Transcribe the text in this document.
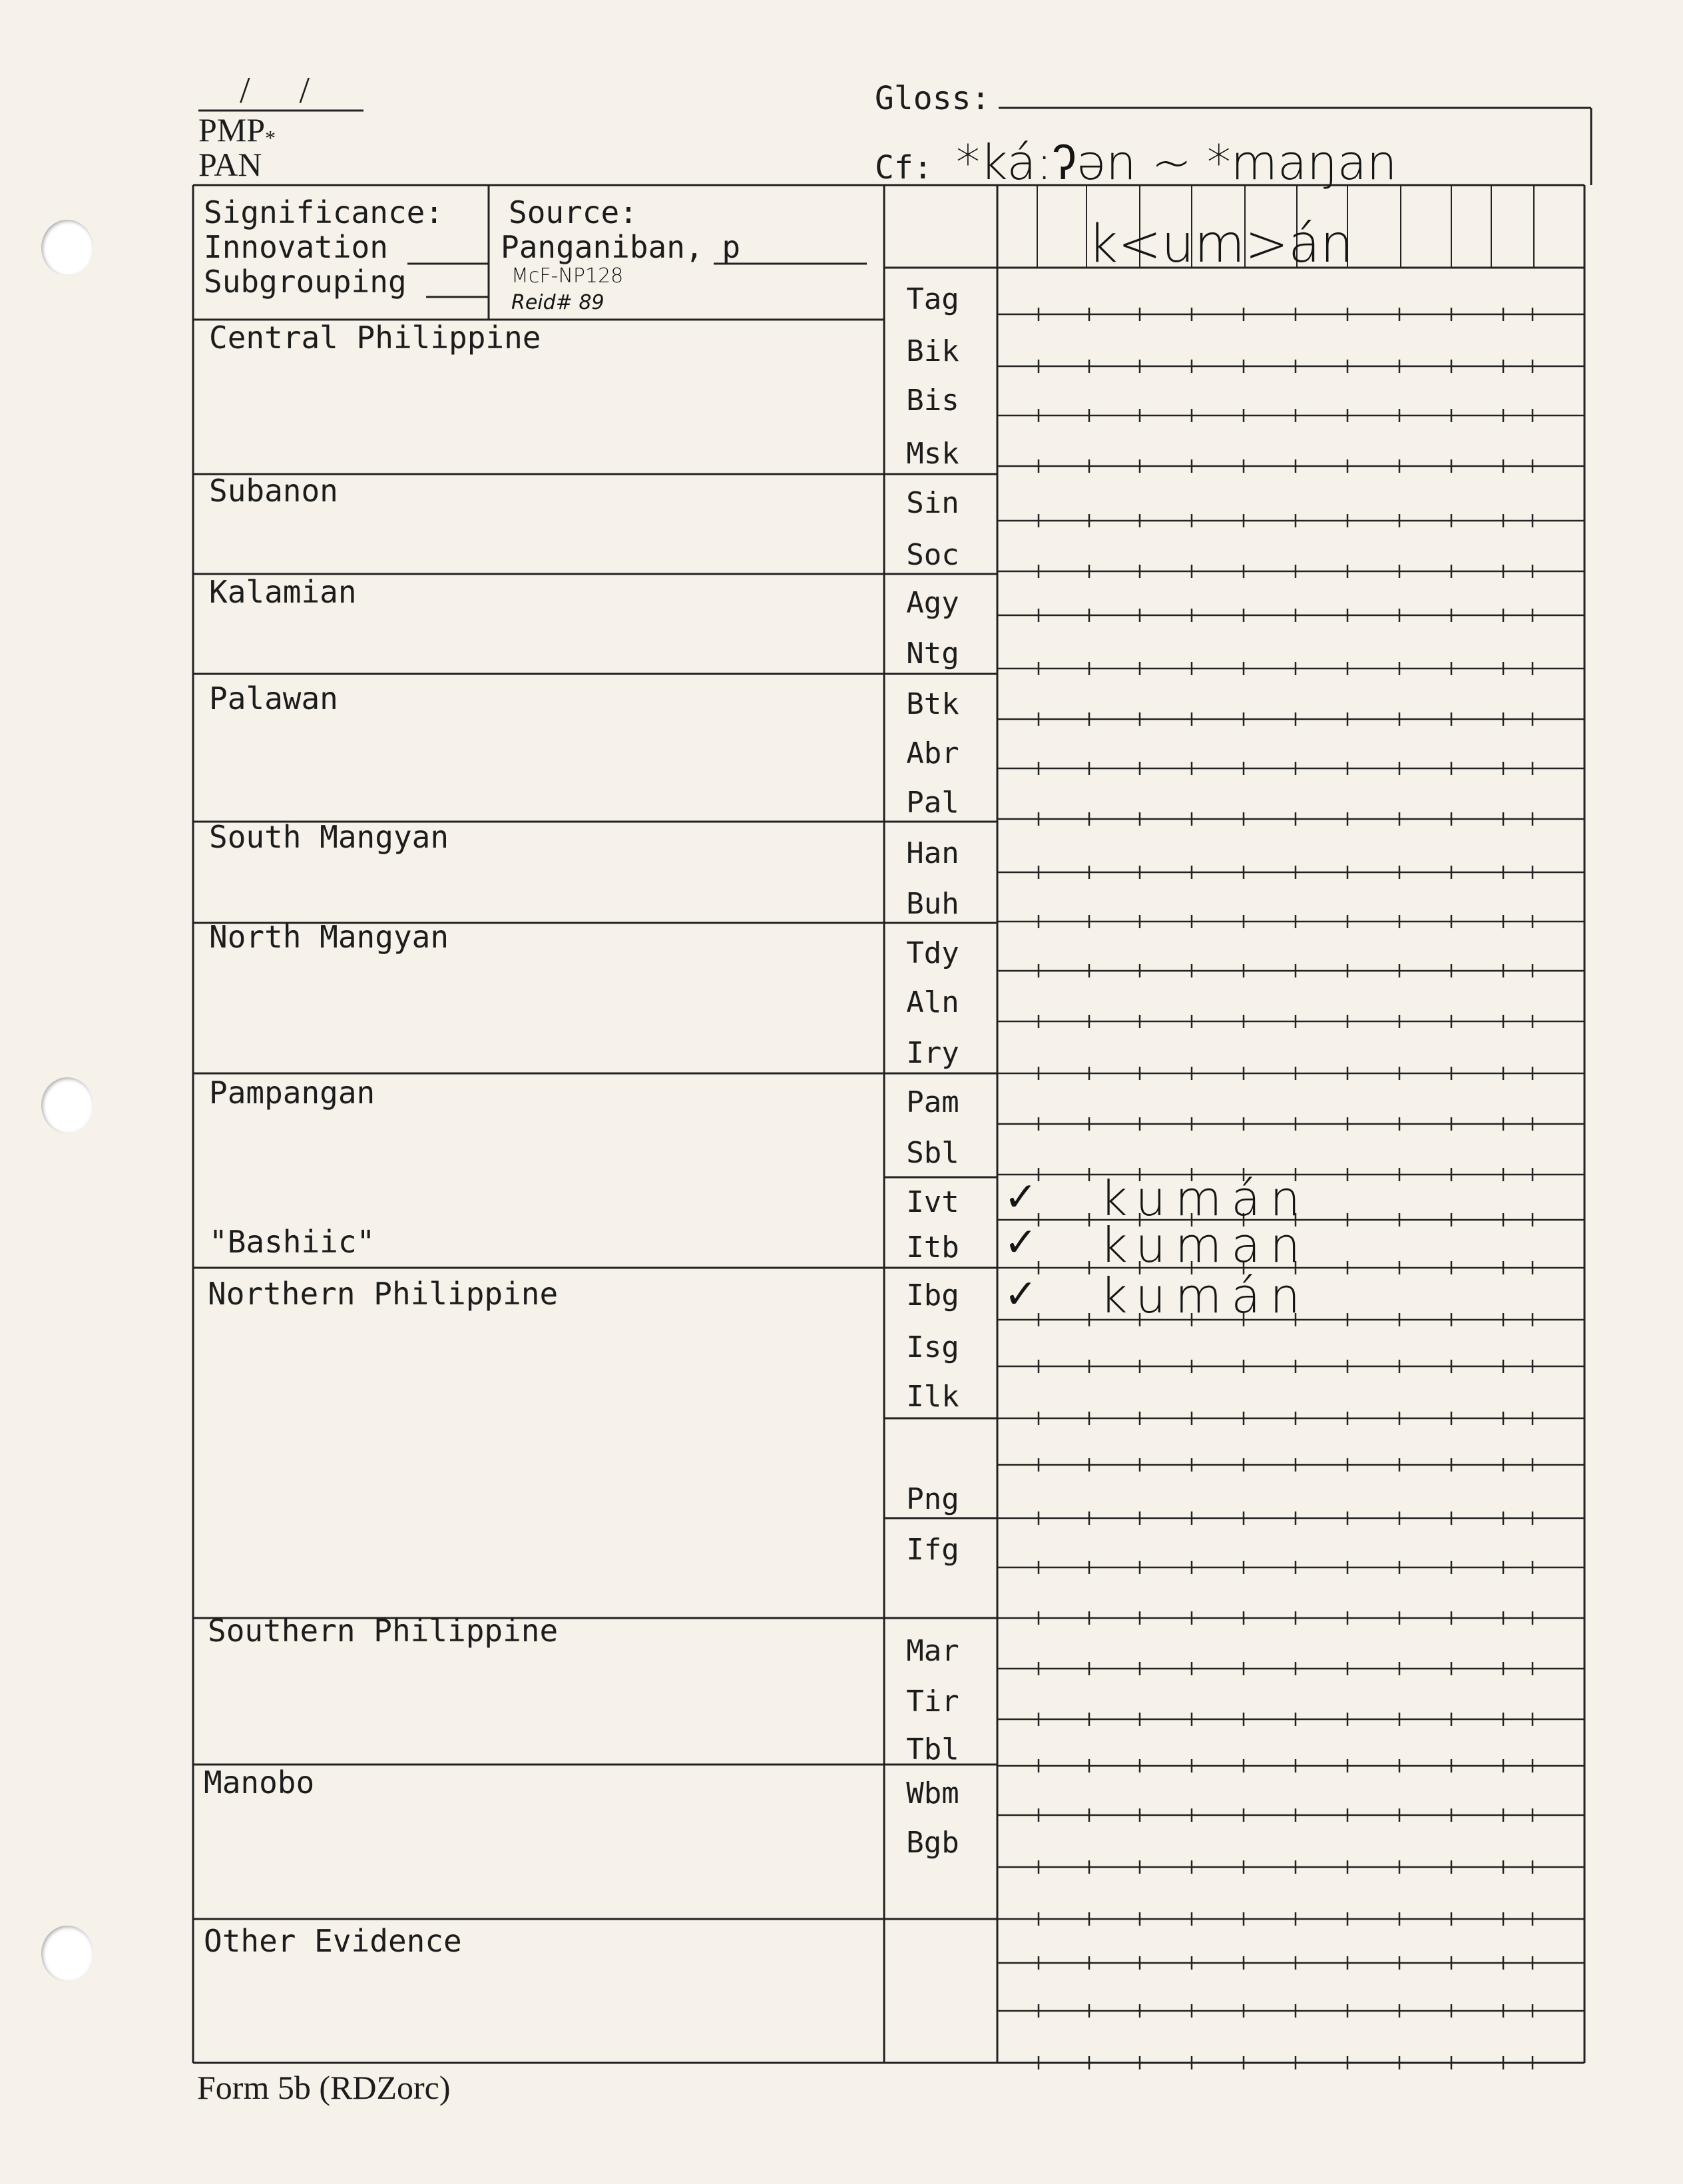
/ /
PMP*
PAN
Gloss:
Cf: *ká:ʔən ~ *maŋan
Significance:
Innovation
Subgrouping
Source:
Panganiban, p
McF-NP128
Reid# 89
k<um>án
Central Philippine
Subanon
Kalamian
Palawan
South Mangyan
North Mangyan
Pampangan
"Bashiic"
Northern Philippine
Southern Philippine
Manobo
Other Evidence
Tag
Bik
Bis
Msk
Sin
Soc
Agy
Ntg
Btk
Abr
Pal
Han
Buh
Tdy
Aln
Iry
Pam
Sbl
Ivt
Itb
Ibg
Isg
Ilk
Png
Ifg
Mar
Tir
Tbl
Wbm
Bgb
✓ kumán
✓ kuman
✓ kumán
Form 5b (RDZorc)
